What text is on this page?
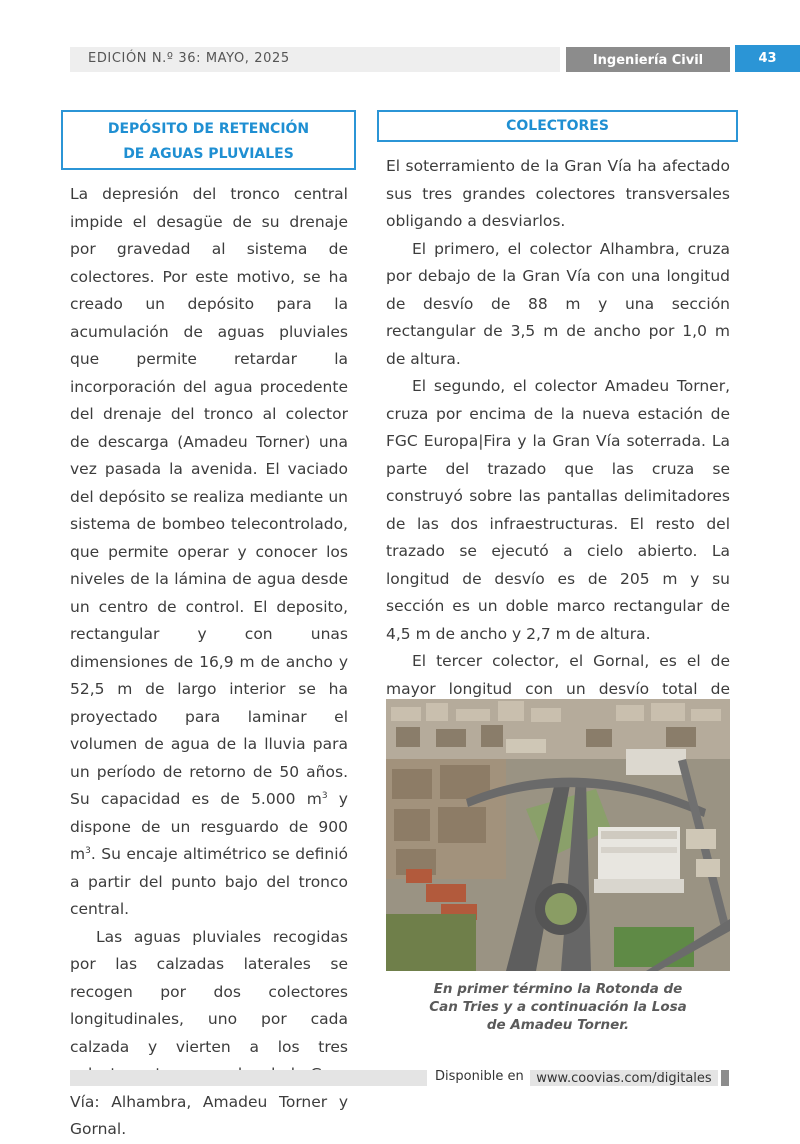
EDICIÓN N.º 36: MAYO, 2025	Ingeniería Civil	43
DEPÓSITO DE RETENCIÓN
DE AGUAS PLUVIALES
COLECTORES

La depresión del tronco central impide el desagüe de su drenaje por gravedad al sistema de colectores. Por este motivo, se ha creado un depósito para la acumulación de aguas pluviales que permite retardar la incorporación del agua procedente del drenaje del tronco al colector de descarga (Amadeu Torner) una vez pasada la avenida. El vaciado del depósito se realiza mediante un sistema de bombeo telecontrolado, que permite operar y conocer los niveles de la lámina de agua desde un centro de control. El deposito, rectangular y con unas dimensiones de 16,9 m de ancho y 52,5 m de largo interior se ha proyectado para laminar el volumen de agua de la lluvia para un período de retorno de 50 años. Su capacidad es de 5.000 $m^3$ y dispone de un resguardo de 900 $m^3$. Su encaje altimétrico se definió a partir del punto bajo del tronco central.

Las aguas pluviales recogidas por las calzadas laterales se recogen por dos colectores longitudinales, uno por cada calzada y vierten a los tres Vía: Alhambra, Amadeu Torner y Gornal.

El soterramiento de la Gran Vía ha afectado sus tres grandes colectores transversales obligando a desviarlos.

El primero, el colector Alhambra, cruza por debajo de la Gran Vía con una longitud de desvío de 88 m y una sección rectangular de 3,5 m de ancho por 1,0 m de altura.

El segundo, el colector Amadeu Torner, cruza por encima de la nueva estación de FGC Europa|Fira y la Gran Vía soterrada. La parte del trazado que las cruza se construyó sobre las pantallas delimitadores de las dos infraestructuras. El resto del trazado se ejecutó a cielo abierto. La longitud de desvío es de 205 m y su sección es un doble marco rectangular de 4,5 m de ancho y 2,7 m de altura.

El tercer colector, el Gornal, es el de mayor longitud con un desvío total de

En primer término la Rotonda de
Can Tries y a continuación la Losa
de Amadeu Torner.
Disponible en www.coovias.com/digitales
